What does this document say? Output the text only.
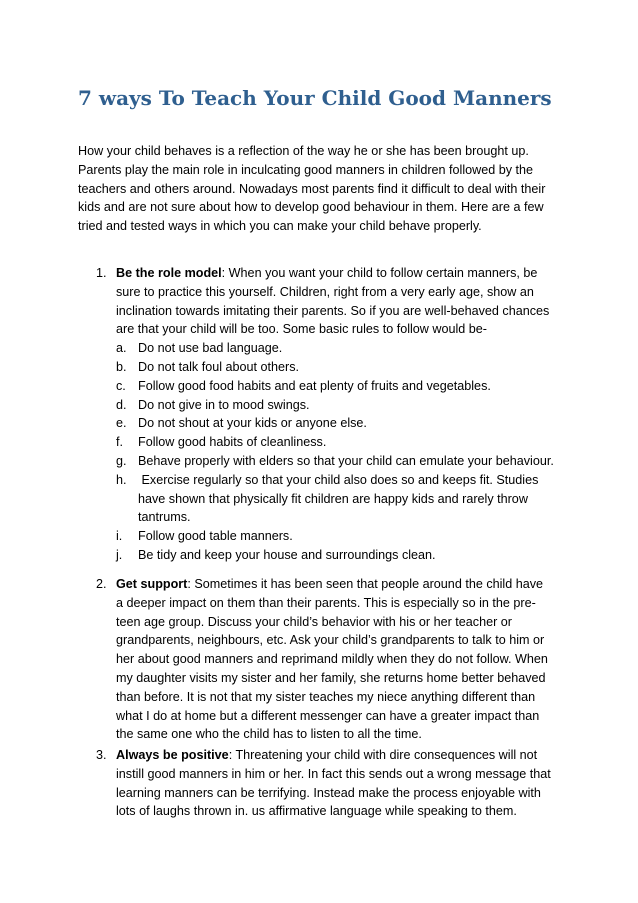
7 ways To Teach Your Child Good Manners
How your child behaves is a reflection of the way he or she has been brought up.
Parents play the main role in inculcating good manners in children followed by the
teachers and others around. Nowadays most parents find it difficult to deal with their
kids and are not sure about how to develop good behaviour in them. Here are a few
tried and tested ways in which you can make your child behave properly.
1. Be the role model: When you want your child to follow certain manners, be
sure to practice this yourself. Children, right from a very early age, show an
inclination towards imitating their parents. So if you are well-behaved chances
are that your child will be too. Some basic rules to follow would be-
a. Do not use bad language.
b. Do not talk foul about others.
c. Follow good food habits and eat plenty of fruits and vegetables.
d. Do not give in to mood swings.
e. Do not shout at your kids or anyone else.
f. Follow good habits of cleanliness.
g. Behave properly with elders so that your child can emulate your behaviour.
h. Exercise regularly so that your child also does so and keeps fit. Studies
have shown that physically fit children are happy kids and rarely throw
tantrums.
i. Follow good table manners.
j. Be tidy and keep your house and surroundings clean.
2. Get support: Sometimes it has been seen that people around the child have
a deeper impact on them than their parents. This is especially so in the pre-
teen age group. Discuss your child’s behavior with his or her teacher or
grandparents, neighbours, etc. Ask your child’s grandparents to talk to him or
her about good manners and reprimand mildly when they do not follow. When
my daughter visits my sister and her family, she returns home better behaved
than before. It is not that my sister teaches my niece anything different than
what I do at home but a different messenger can have a greater impact than
the same one who the child has to listen to all the time.
3. Always be positive: Threatening your child with dire consequences will not
instill good manners in him or her. In fact this sends out a wrong message that
learning manners can be terrifying. Instead make the process enjoyable with
lots of laughs thrown in. us affirmative language while speaking to them.
